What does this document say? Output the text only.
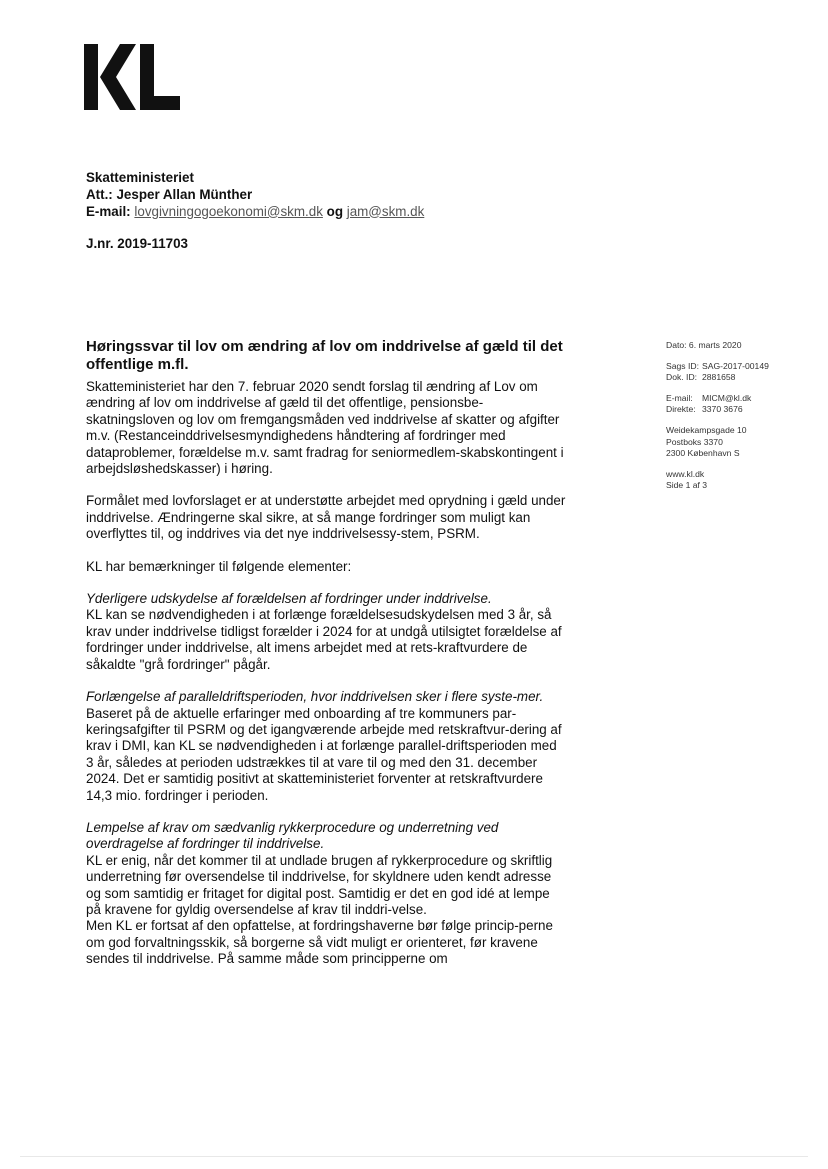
Skatteministeriet
Att.: Jesper Allan Münther
E-mail: lovgivningogoekonomi@skm.dk og jam@skm.dk
J.nr. 2019-11703
Høringssvar til lov om ændring af lov om inddrivelse af gæld til det offentlige m.fl.

Skatteministeriet har den 7. februar 2020 sendt forslag til ændring af Lov om ændring af lov om inddrivelse af gæld til det offentlige, pensionsbe-skatningsloven og lov om fremgangsmåden ved inddrivelse af skatter og afgifter m.v. (Restanceinddrivelsesmyndighedens håndtering af fordringer med dataproblemer, forældelse m.v. samt fradrag for seniormedlem-skabskontingent i arbejdsløshedskasser) i høring.

Formålet med lovforslaget er at understøtte arbejdet med oprydning i gæld under inddrivelse. Ændringerne skal sikre, at så mange fordringer som muligt kan overflyttes til, og inddrives via det nye inddrivelsessy-stem, PSRM.

KL har bemærkninger til følgende elementer:

Yderligere udskydelse af forældelsen af fordringer under inddrivelse.
KL kan se nødvendigheden i at forlænge forældelsesudskydelsen med 3 år, så krav under inddrivelse tidligst forælder i 2024 for at undgå utilsigtet forældelse af fordringer under inddrivelse, alt imens arbejdet med at rets-kraftvurdere de såkaldte "grå fordringer" pågår.

Forlængelse af paralleldriftsperioden, hvor inddrivelsen sker i flere syste-mer.
Baseret på de aktuelle erfaringer med onboarding af tre kommuners par-keringsafgifter til PSRM og det igangværende arbejde med retskraftvur-dering af krav i DMI, kan KL se nødvendigheden i at forlænge parallel-driftsperioden med 3 år, således at perioden udstrækkes til at vare til og med den 31. december 2024. Det er samtidig positivt at skatteministeriet forventer at retskraftvurdere 14,3 mio. fordringer i perioden.

Lempelse af krav om sædvanlig rykkerprocedure og underretning ved overdragelse af fordringer til inddrivelse.
KL er enig, når det kommer til at undlade brugen af rykkerprocedure og skriftlig underretning før oversendelse til inddrivelse, for skyldnere uden kendt adresse og som samtidig er fritaget for digital post. Samtidig er det en god idé at lempe på kravene for gyldig oversendelse af krav til inddri-velse.
Men KL er fortsat af den opfattelse, at fordringshaverne bør følge princip-perne om god forvaltningsskik, så borgerne så vidt muligt er orienteret, før kravene sendes til inddrivelse. På samme måde som principperne om

Dato: 6. marts 2020
Sags ID: SAG-2017-00149
Dok. ID: 2881658
E-mail: MICM@kl.dk
Direkte: 3370 3676
Weidekampsgade 10
Postboks 3370
2300 København S
www.kl.dk
Side 1 af 3
